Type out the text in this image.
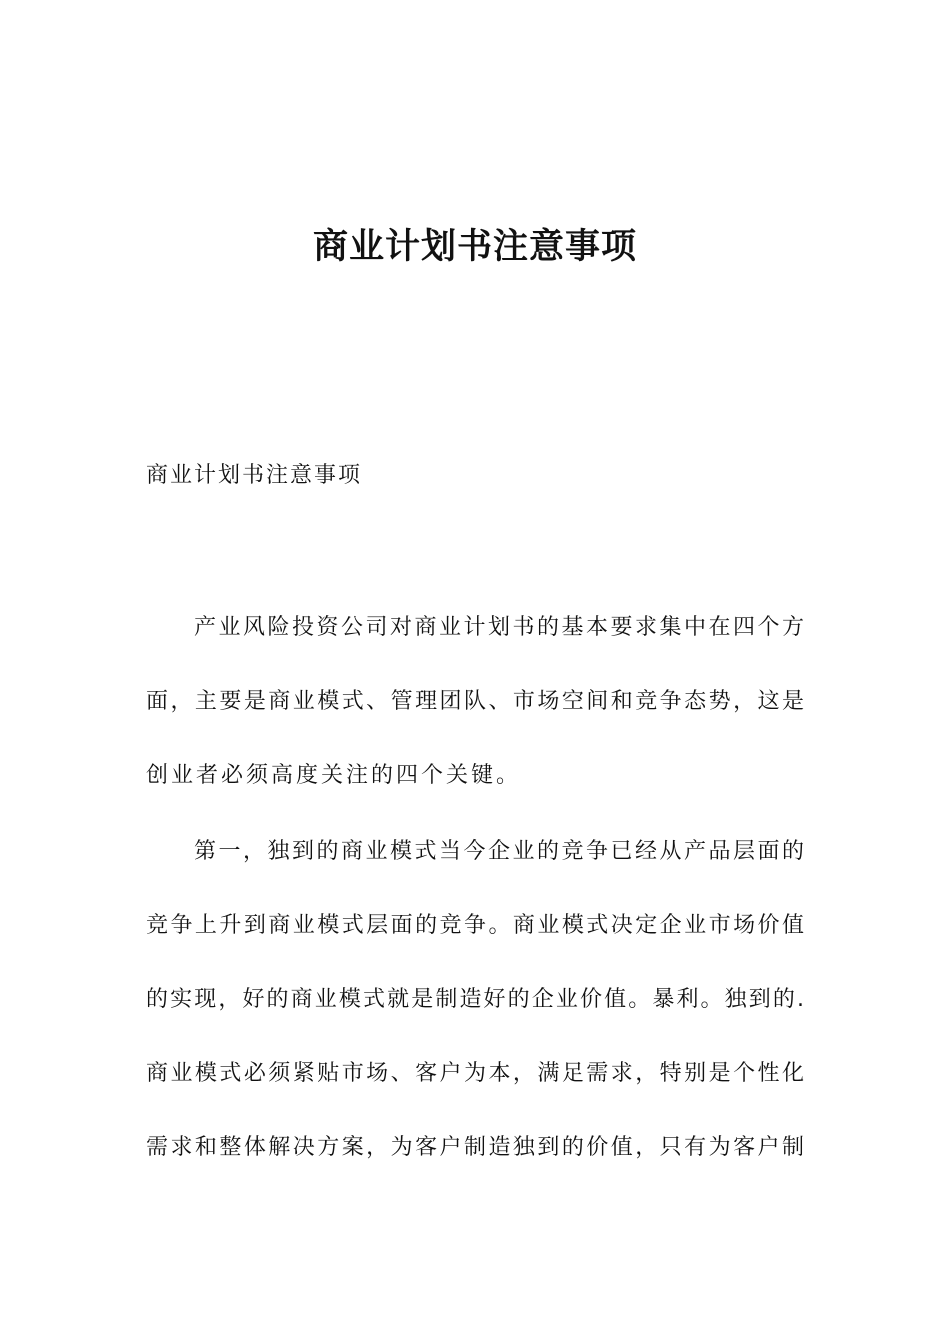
商业计划书注意事项

商业计划书注意事项

产业风险投资公司对商业计划书的基本要求集中在四个方
面，主要是商业模式、管理团队、市场空间和竞争态势，这是
创业者必须高度关注的四个关键。
第一，独到的商业模式当今企业的竞争已经从产品层面的
竞争上升到商业模式层面的竞争。商业模式决定企业市场价值
的实现，好的商业模式就是制造好的企业价值。暴利。独到的.
商业模式必须紧贴市场、客户为本，满足需求，特别是个性化
需求和整体解决方案，为客户制造独到的价值，只有为客户制
